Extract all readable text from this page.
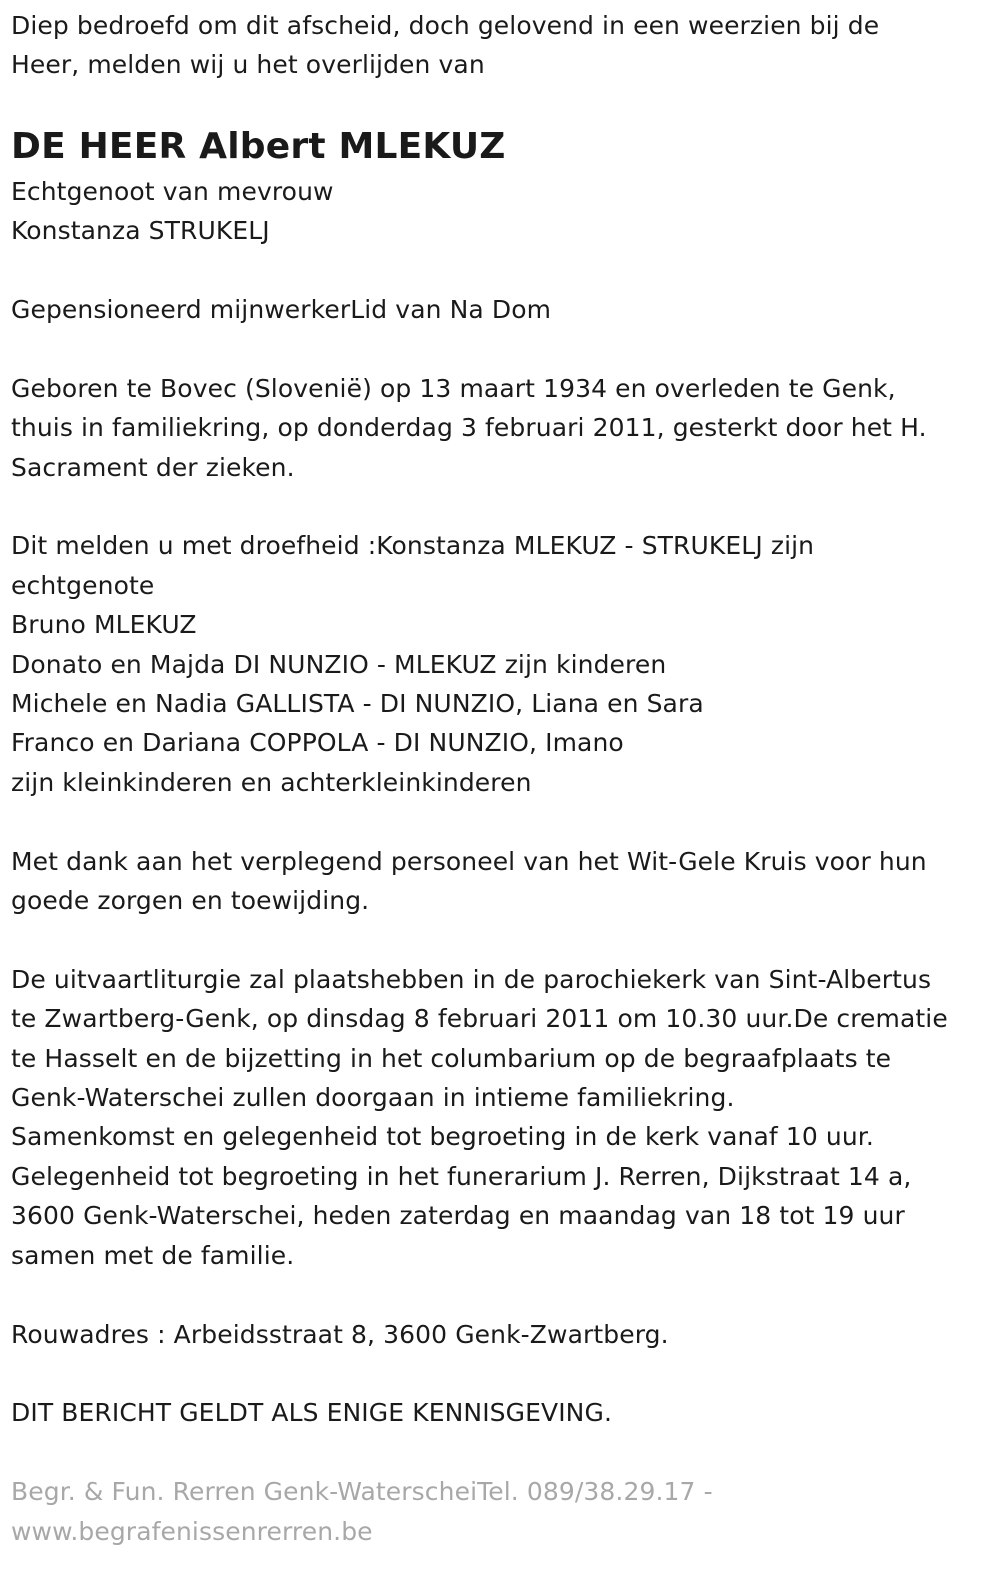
Diep bedroefd om dit afscheid, doch gelovend in een weerzien bij de
Heer, melden wij u het overlijden van
DE HEER Albert MLEKUZ
Echtgenoot van mevrouw
Konstanza STRUKELJ
Gepensioneerd mijnwerkerLid van Na Dom
Geboren te Bovec (Slovenië) op 13 maart 1934 en overleden te Genk,
thuis in familiekring, op donderdag 3 februari 2011, gesterkt door het H.
Sacrament der zieken.
Dit melden u met droefheid :Konstanza MLEKUZ - STRUKELJ zijn
echtgenote
Bruno MLEKUZ
Donato en Majda DI NUNZIO - MLEKUZ zijn kinderen
Michele en Nadia GALLISTA - DI NUNZIO, Liana en Sara
Franco en Dariana COPPOLA - DI NUNZIO, Imano
zijn kleinkinderen en achterkleinkinderen
Met dank aan het verplegend personeel van het Wit-Gele Kruis voor hun
goede zorgen en toewijding.
De uitvaartliturgie zal plaatshebben in de parochiekerk van Sint-Albertus
te Zwartberg-Genk, op dinsdag 8 februari 2011 om 10.30 uur.De crematie
te Hasselt en de bijzetting in het columbarium op de begraafplaats te
Genk-Waterschei zullen doorgaan in intieme familiekring.
Samenkomst en gelegenheid tot begroeting in de kerk vanaf 10 uur.
Gelegenheid tot begroeting in het funerarium J. Rerren, Dijkstraat 14 a,
3600 Genk-Waterschei, heden zaterdag en maandag van 18 tot 19 uur
samen met de familie.
Rouwadres : Arbeidsstraat 8, 3600 Genk-Zwartberg.
DIT BERICHT GELDT ALS ENIGE KENNISGEVING.
Begr. & Fun. Rerren Genk-WaterscheiTel. 089/38.29.17 -
www.begrafenissenrerren.be
